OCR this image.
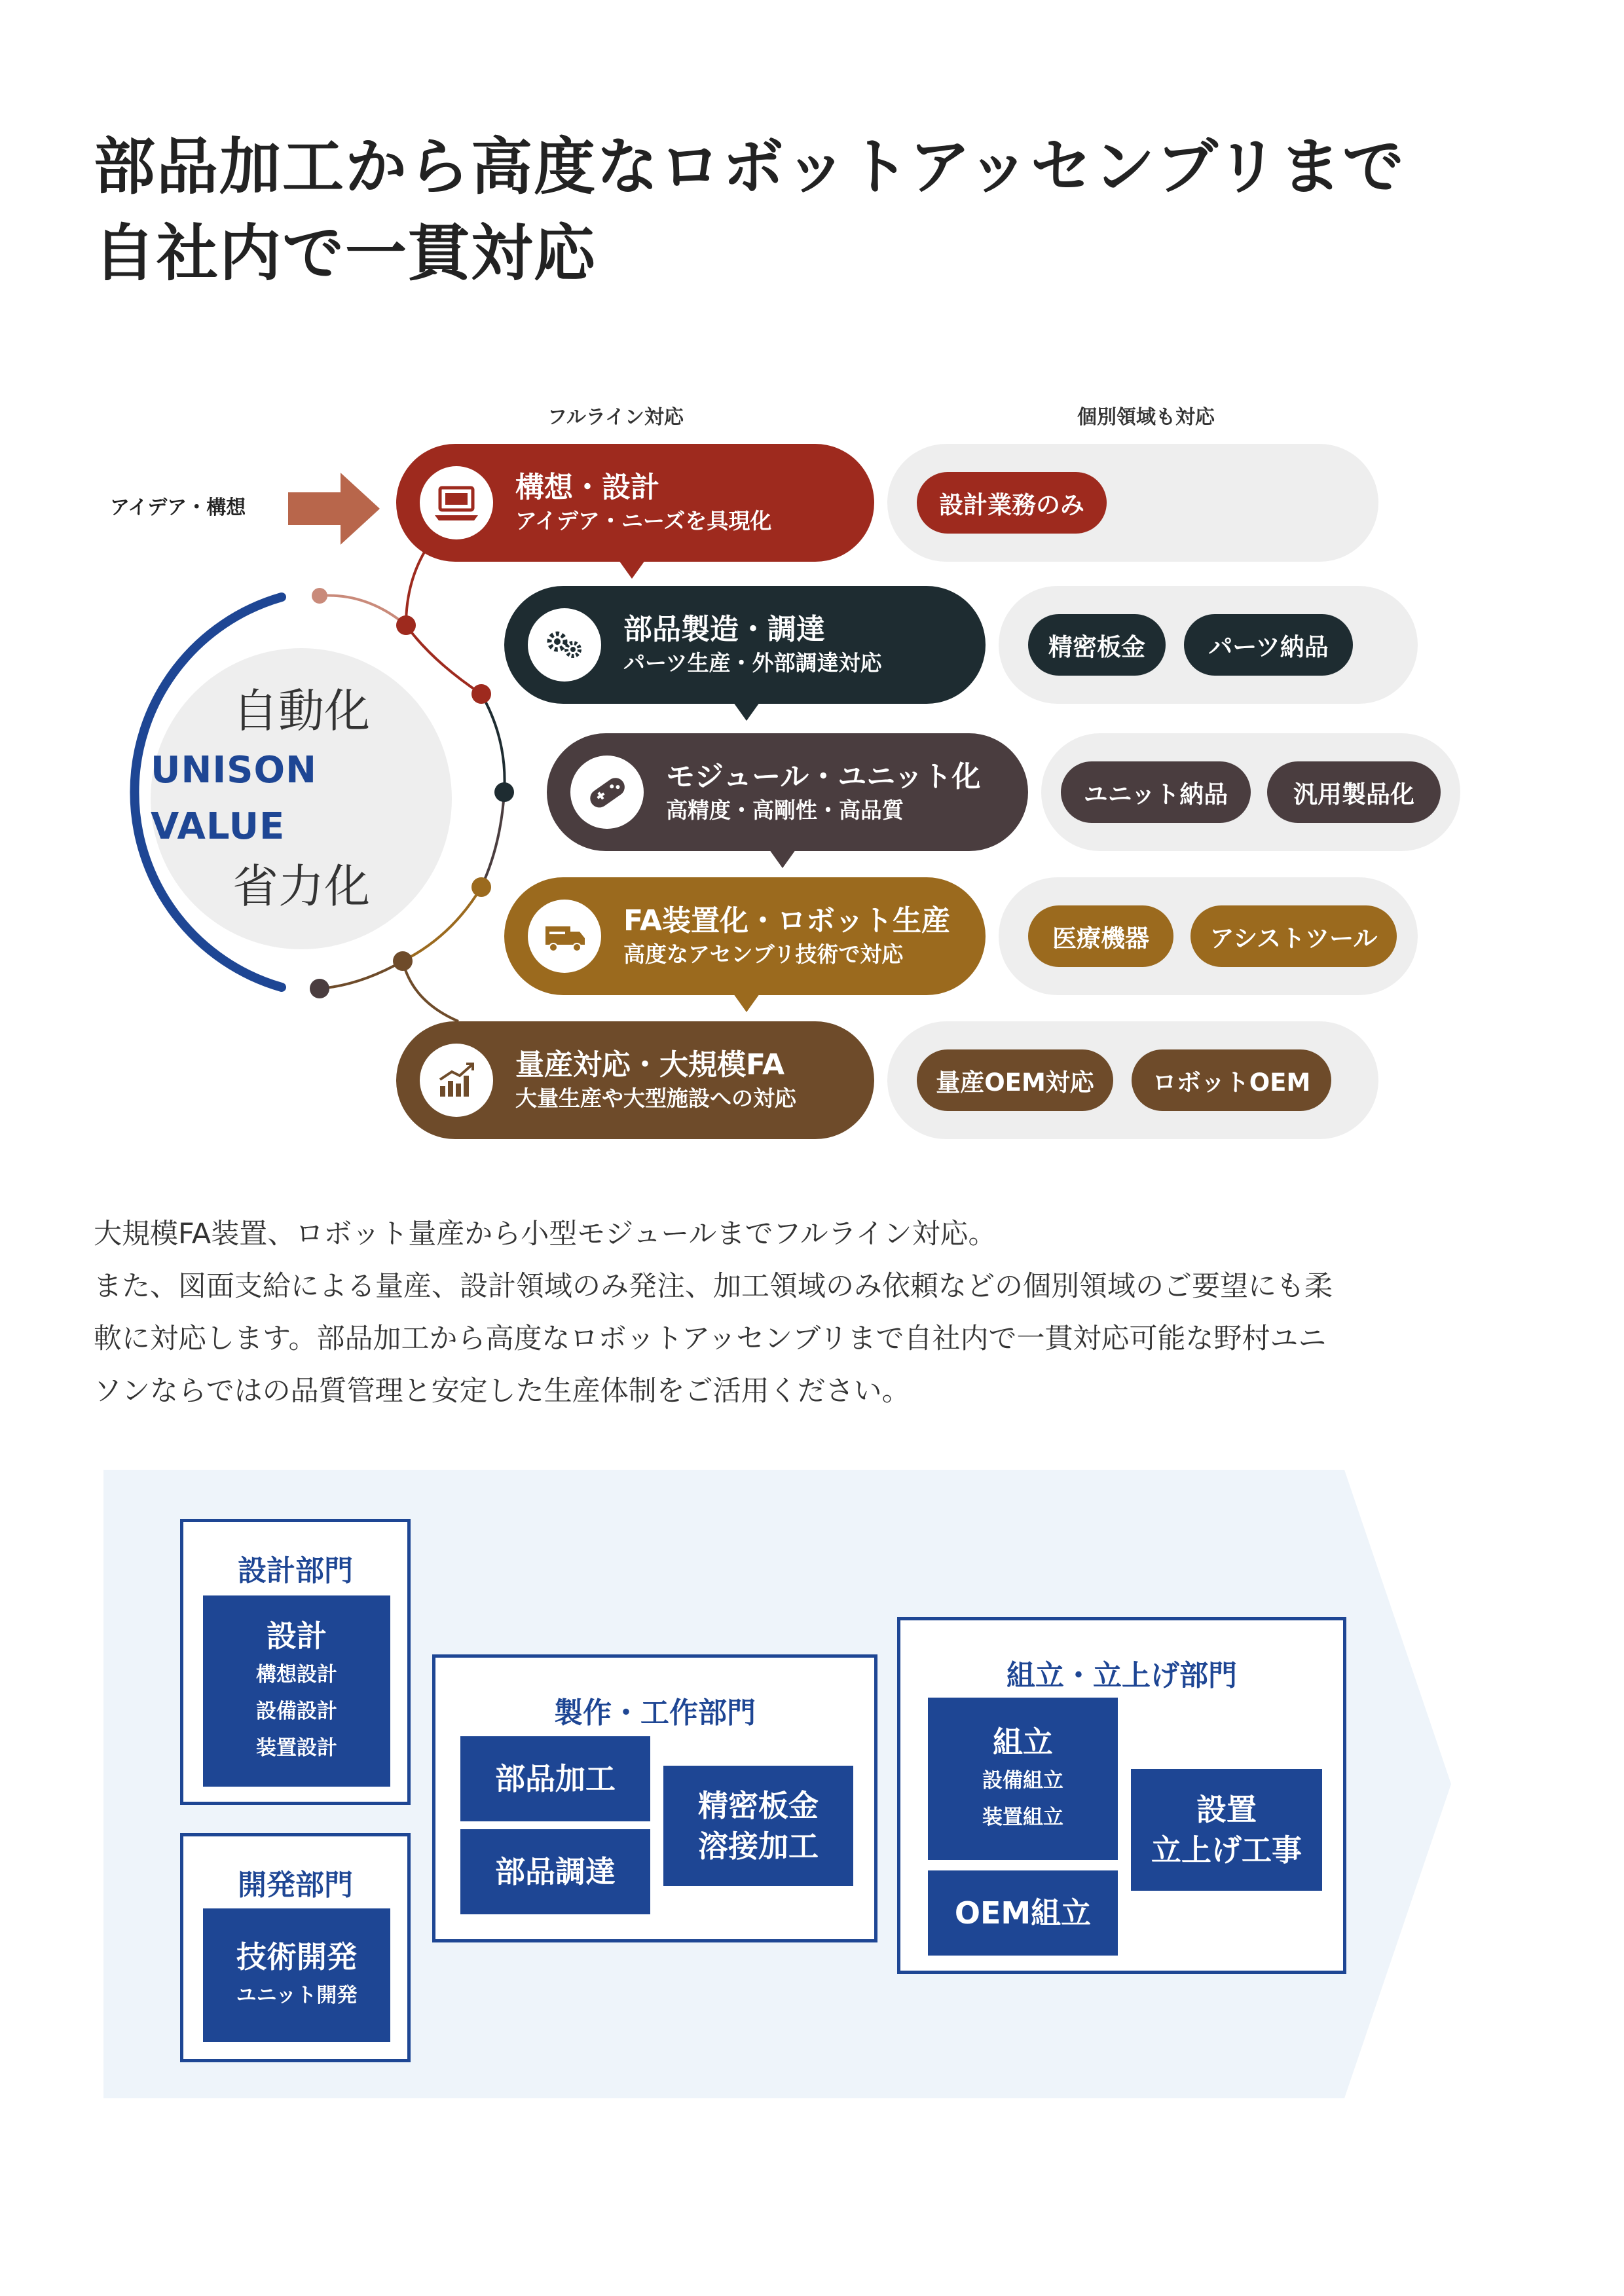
部品加工から高度なロボットアッセンブリまで
自社内で一貫対応
フルライン対応	個別領域も対応
アイデア・構想
自動化
UNISON VALUE
省力化
構想・設計
アイデア・ニーズを具現化
設計業務のみ
部品製造・調達
パーツ生産・外部調達対応
精密板金	パーツ納品
モジュール・ユニット化
高精度・高剛性・高品質
ユニット納品	汎用製品化
FA装置化・ロボット生産
高度なアセンブリ技術で対応
医療機器	アシストツール
量産対応・大規模FA
大量生産や大型施設への対応
量産OEM対応	ロボットOEM
大規模FA装置、ロボット量産から小型モジュールまでフルライン対応。
また、図面支給による量産、設計領域のみ発注、加工領域のみ依頼などの個別領域のご要望にも柔
軟に対応します。部品加工から高度なロボットアッセンブリまで自社内で一貫対応可能な野村ユニ
ソンならではの品質管理と安定した生産体制をご活用ください。
設計部門
設計
構想設計
設備設計
装置設計
開発部門
技術開発
ユニット開発
製作・工作部門
部品加工
部品調達
精密板金
溶接加工
組立・立上げ部門
組立
設備組立
装置組立
OEM組立
設置
立上げ工事
